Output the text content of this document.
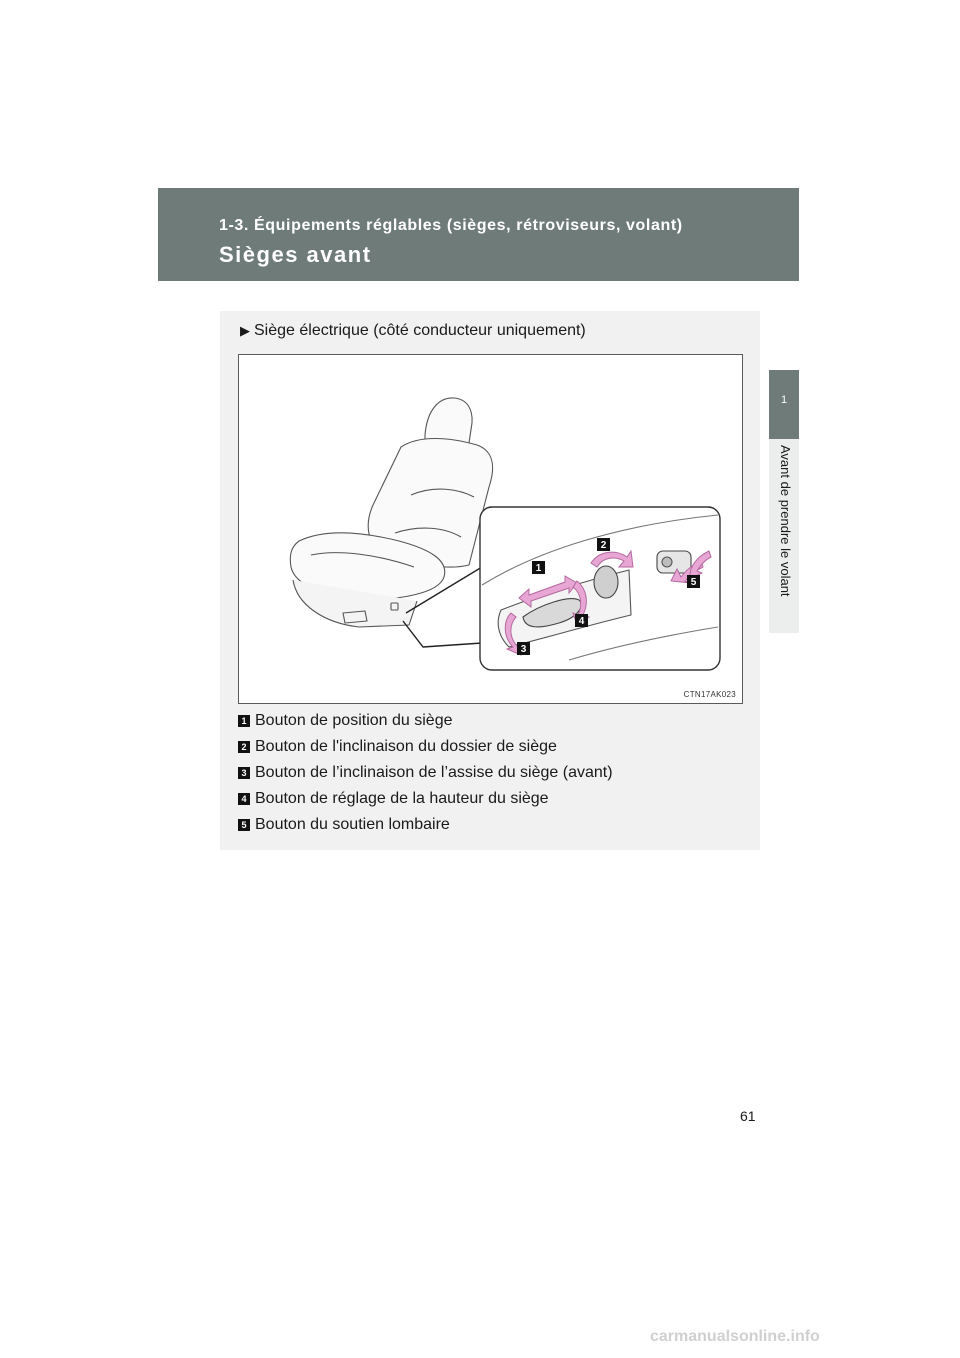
1-3. Équipements réglables (sièges, rétroviseurs, volant)
Sièges avant
1
Avant de prendre le volant
▶ Siège électrique (côté conducteur uniquement)
1
2
3
4
5
CTN17AK023
1 Bouton de position du siège
2 Bouton de l'inclinaison du dossier de siège
3 Bouton de l’inclinaison de l’assise du siège (avant)
4 Bouton de réglage de la hauteur du siège
5 Bouton du soutien lombaire
61
carmanualsonline.info
